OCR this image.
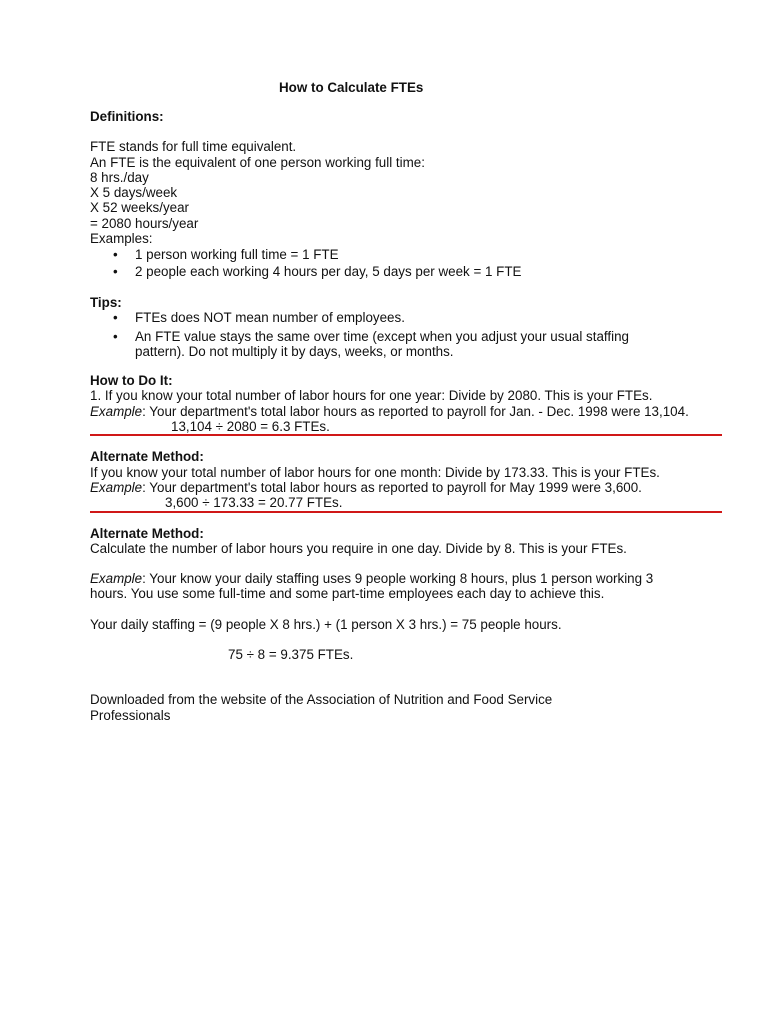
How to Calculate FTEs

Definitions:

FTE stands for full time equivalent.

An FTE is the equivalent of one person working full time:

8 hrs./day

X 5 days/week

X 52 weeks/year

= 2080 hours/year

Examples:

• 1 person working full time = 1 FTE
• 2 people each working 4 hours per day, 5 days per week = 1 FTE

Tips:

• FTEs does NOT mean number of employees.
• An FTE value stays the same over time (except when you adjust your usual staffing pattern). Do not multiply it by days, weeks, or months.

How to Do It:

1. If you know your total number of labor hours for one year: Divide by 2080. This is your FTEs.

Example: Your department's total labor hours as reported to payroll for Jan. - Dec. 1998 were 13,104.

13,104 ÷ 2080 = 6.3 FTEs.

Alternate Method:

If you know your total number of labor hours for one month: Divide by 173.33. This is your FTEs.

Example: Your department's total labor hours as reported to payroll for May 1999 were 3,600.

3,600 ÷ 173.33 = 20.77 FTEs.

Alternate Method:

Calculate the number of labor hours you require in one day. Divide by 8. This is your FTEs.

Example: Your know your daily staffing uses 9 people working 8 hours, plus 1 person working 3 hours. You use some full-time and some part-time employees each day to achieve this.

Your daily staffing = (9 people X 8 hrs.) + (1 person X 3 hrs.) = 75 people hours.

75 ÷ 8 = 9.375 FTEs.

Downloaded from the website of the Association of Nutrition and Food Service Professionals
